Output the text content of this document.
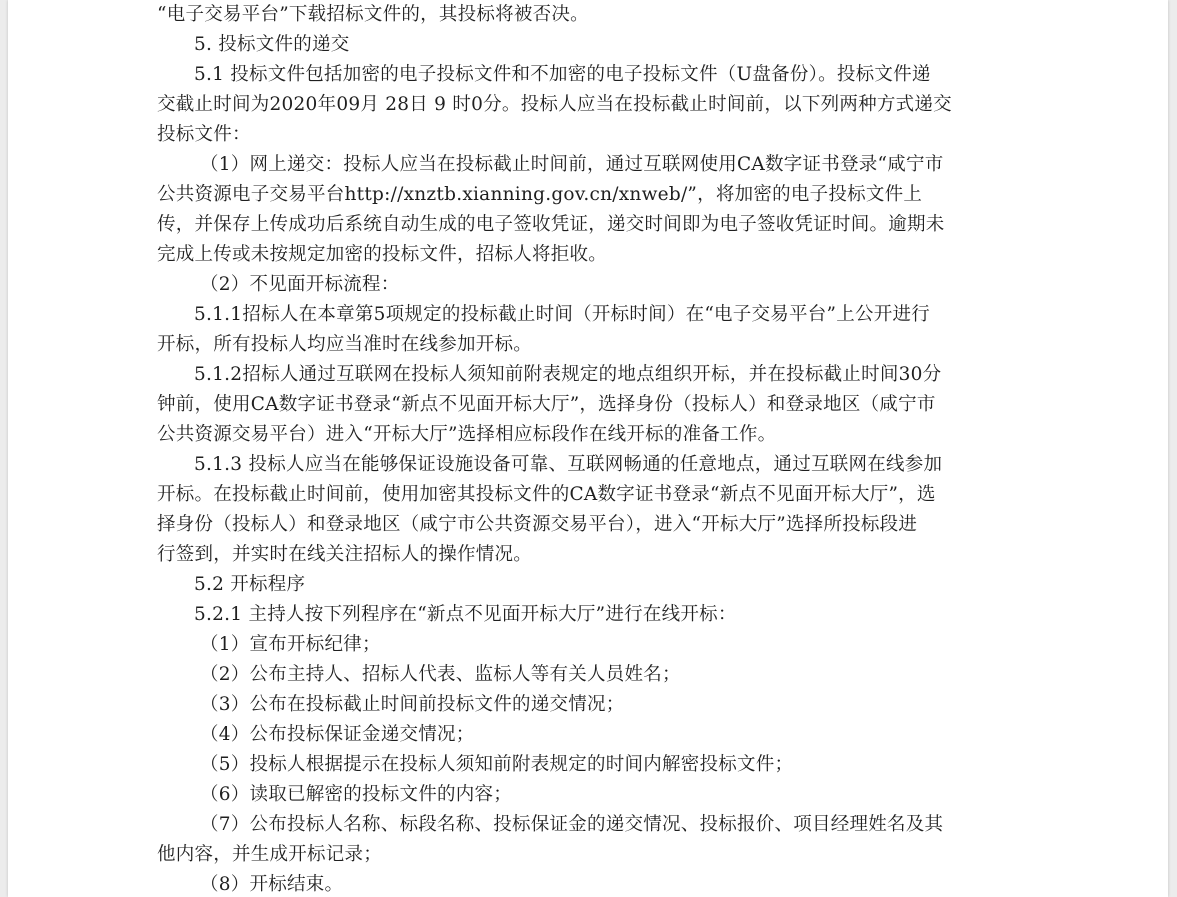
“电子交易平台”下载招标文件的，其投标将被否决。
5. 投标文件的递交
5.1 投标文件包括加密的电子投标文件和不加密的电子投标文件（U盘备份）。投标文件递
交截止时间为2020年09月 28日 9 时0分。投标人应当在投标截止时间前，以下列两种方式递交
投标文件：
（1）网上递交：投标人应当在投标截止时间前，通过互联网使用CA数字证书登录“咸宁市
公共资源电子交易平台http://xnztb.xianning.gov.cn/xnweb/”，将加密的电子投标文件上
传，并保存上传成功后系统自动生成的电子签收凭证，递交时间即为电子签收凭证时间。逾期未
完成上传或未按规定加密的投标文件，招标人将拒收。
（2）不见面开标流程：
5.1.1招标人在本章第5项规定的投标截止时间（开标时间）在“电子交易平台”上公开进行
开标，所有投标人均应当准时在线参加开标。
5.1.2招标人通过互联网在投标人须知前附表规定的地点组织开标，并在投标截止时间30分
钟前，使用CA数字证书登录“新点不见面开标大厅”，选择身份（投标人）和登录地区（咸宁市
公共资源交易平台）进入“开标大厅”选择相应标段作在线开标的准备工作。
5.1.3 投标人应当在能够保证设施设备可靠、互联网畅通的任意地点，通过互联网在线参加
开标。在投标截止时间前，使用加密其投标文件的CA数字证书登录“新点不见面开标大厅”，选
择身份（投标人）和登录地区（咸宁市公共资源交易平台），进入“开标大厅”选择所投标段进
行签到，并实时在线关注招标人的操作情况。
5.2 开标程序
5.2.1 主持人按下列程序在“新点不见面开标大厅”进行在线开标：
（1）宣布开标纪律；
（2）公布主持人、招标人代表、监标人等有关人员姓名；
（3）公布在投标截止时间前投标文件的递交情况；
（4）公布投标保证金递交情况；
（5）投标人根据提示在投标人须知前附表规定的时间内解密投标文件；
（6）读取已解密的投标文件的内容；
（7）公布投标人名称、标段名称、投标保证金的递交情况、投标报价、项目经理姓名及其
他内容，并生成开标记录；
（8）开标结束。
